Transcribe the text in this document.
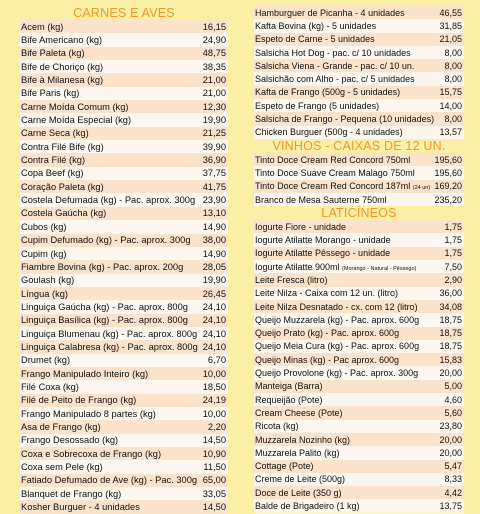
CARNES E AVES
Acem (kg)	16,15
Bife Americano (kg)	24,90
Bife Paleta (kg)	48,75
Bife de Choriço (kg)	38,35
Bife à Milanesa (kg)	21,00
Bife Paris (kg)	21,00
Carne Moída Comum (kg)	12,30
Carne Moída Especial (kg)	19,90
Carne Seca (kg)	21,25
Contra Filé Bife (kg)	39,90
Contra Filé (kg)	36,90
Copa Beef (kg)	37,75
Coração Paleta (kg)	41,75
Costela Defumada (kg) - Pac. aprox. 300g 23,90
Costela Gaúcha (kg)	13,10
Cubos (kg)	14,90
Cupim Defumado (kg) - Pac. aprox. 300g	38,00
Cupim (kg)	14,90
Fiambre Bovina (kg) - Pac. aprox. 200g	28,05
Goulash (kg)	19,90
Língua (kg)	26,45
Linguiça Gaúcha (kg) - Pac. aprox. 800g	24,10
Linguiça Basílica (kg) - Pac. aprox. 800g	24,10
Linguiça Blumenau (kg) - Pac. aprox. 800g 24,10
Linguiça Calabresa (kg) - Pac. aprox. 800g 24,10
Drumet (kg)	6,70
Frango Manipulado Inteiro (kg)	10,00
Filé Coxa (kg)	18,50
Filé de Peito de Frango (kg)	24,19
Frango Manipulado 8 partes (kg)	10,00
Asa de Frango (kg)	2,20
Frango Desossado (kg)	14,50
Coxa e Sobrecoxa de Frango (kg)	10,90
Coxa sem Pele (kg)	11,50
Fatiado Defumado de Ave (kg) - Pac. 300g 65,00
Blanquet de Frango (kg)	33,05
Kosher Burguer - 4 unidades	14,50
Hamburguer de Picanha - 4 unidades	46,55
Kafta Bovina (kg) - 5 unidades	31,85
Espeto de Carne - 5 unidades	21,05
Salsicha Hot Dog - pac. c/ 10 unidades	8,00
Salsicha Viena - Grande - pac. c/ 10 un.	8,00
Salsichão com Alho - pac. c/ 5 unidades	8,00
Kafta de Frango (500g - 5 unidades)	15,75
Espeto de Frango (5 unidades)	14,00
Salsicha de Frango - Pequena (10 unidades)	8,00
Chicken Burguer (500g - 4 unidades)	13,57
VINHOS - CAIXAS DE 12 UN.
Tinto Doce Cream Red Concord 750ml	195,60
Tinto Doce Suave Cream Malago 750ml	195,60
Tinto Doce Cream Red Concord 187ml (24 un) 169,20
Branco de Mesa Sauterne 750ml	235,20
LATICÍNEOS
Iogurte Fiore - unidade	1,75
Iogurte Atilatte Morango - unidade	1,75
Iogurte Atilatte Pêssego - unidade	1,75
Iogurte Atilatte 900ml (Morango - Natural - Pêssego)	7,50
Leite Fresca (litro)	2,90
Leite Nilza - Caixa com 12 un. (litro)	36,00
Leite Nilza Desnatado - cx. com 12 (litro)	34,08
Queijo Muzzarela (kg) - Pac. aprox. 600g	18,75
Queijo Prato (kg) - Pac. aprox. 600g	18,75
Queijo Meia Cura (kg) - Pac. aprox. 600g	18,75
Queijo Minas (kg) - Pac aprox. 600g	15,83
Queijo Provolone (kg) - Pac. aprox. 300g	20,00
Manteiga (Barra)	5,00
Requeijão (Pote)	4,60
Cream Cheese (Pote)	5,60
Ricota (kg)	23,80
Muzzarela Nozinho (kg)	20,00
Muzzarela Palito (kg)	20,00
Cottage (Pote)	5,47
Creme de Leite (500g)	8,33
Doce de Leite (350 g)	4,42
Balde de Brigadeiro (1 kg)	13,75
